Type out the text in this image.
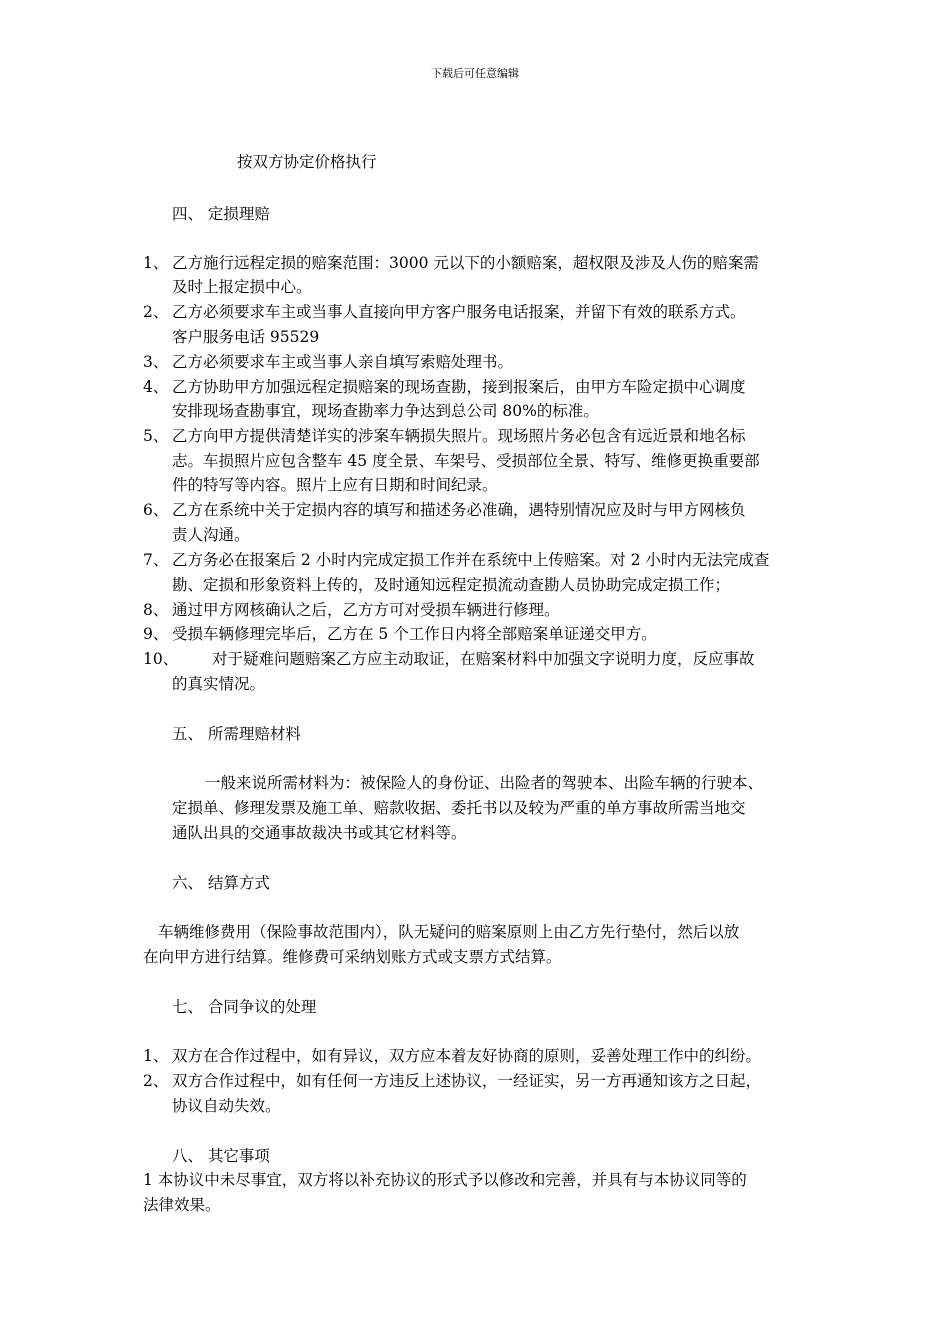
下载后可任意编辑
按双方协定价格执行
四、 定损理赔
1、 乙方施行远程定损的赔案范围：3000 元以下的小额赔案，超权限及涉及人伤的赔案需
及时上报定损中心。
2、 乙方必须要求车主或当事人直接向甲方客户服务电话报案，并留下有效的联系方式。
客户服务电话 95529
3、 乙方必须要求车主或当事人亲自填写索赔处理书。
4、 乙方协助甲方加强远程定损赔案的现场查勘，接到报案后，由甲方车险定损中心调度
安排现场查勘事宜，现场查勘率力争达到总公司 80%的标准。
5、 乙方向甲方提供清楚详实的涉案车辆损失照片。现场照片务必包含有远近景和地名标
志。车损照片应包含整车 45 度全景、车架号、受损部位全景、特写、维修更换重要部
件的特写等内容。照片上应有日期和时间纪录。
6、 乙方在系统中关于定损内容的填写和描述务必准确，遇特别情况应及时与甲方网核负
责人沟通。
7、 乙方务必在报案后 2 小时内完成定损工作并在系统中上传赔案。对 2 小时内无法完成查
勘、定损和形象资料上传的，及时通知远程定损流动查勘人员协助完成定损工作；
8、 通过甲方网核确认之后，乙方方可对受损车辆进行修理。
9、 受损车辆修理完毕后，乙方在 5 个工作日内将全部赔案单证递交甲方。
10、 对于疑难问题赔案乙方应主动取证，在赔案材料中加强文字说明力度，反应事故
的真实情况。
五、 所需理赔材料
一般来说所需材料为：被保险人的身份证、出险者的驾驶本、出险车辆的行驶本、
定损单、修理发票及施工单、赔款收据、委托书以及较为严重的单方事故所需当地交
通队出具的交通事故裁决书或其它材料等。
六、 结算方式
车辆维修费用（保险事故范围内），队无疑问的赔案原则上由乙方先行垫付，然后以放
在向甲方进行结算。维修费可采纳划账方式或支票方式结算。
七、 合同争议的处理
1、 双方在合作过程中，如有异议，双方应本着友好协商的原则，妥善处理工作中的纠纷。
2、 双方合作过程中，如有任何一方违反上述协议，一经证实，另一方再通知该方之日起，
协议自动失效。
八、 其它事项
1 本协议中未尽事宜，双方将以补充协议的形式予以修改和完善，并具有与本协议同等的
法律效果。
